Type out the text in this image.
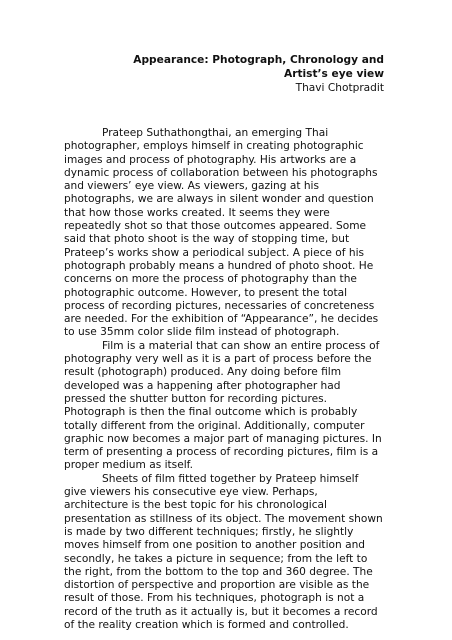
Appearance: Photograph, Chronology and Artist’s eye view

Thavi Chotpradit

Prateep Suthathongthai, an emerging Thai photographer, employs himself in creating photographic images and process of photography. His artworks are a dynamic process of collaboration between his photographs and viewers’ eye view. As viewers, gazing at his photographs, we are always in silent wonder and question that how those works created. It seems they were repeatedly shot so that those outcomes appeared. Some said that photo shoot is the way of stopping time, but Prateep’s works show a periodical subject. A piece of his photograph probably means a hundred of photo shoot. He concerns on more the process of photography than the photographic outcome. However, to present the total process of recording pictures, necessaries of concreteness are needed. For the exhibition of “Appearance”, he decides to use 35mm color slide film instead of photograph.

Film is a material that can show an entire process of photography very well as it is a part of process before the result (photograph) produced. Any doing before film developed was a happening after photographer had pressed the shutter button for recording pictures. Photograph is then the final outcome which is probably totally different from the original. Additionally, computer graphic now becomes a major part of managing pictures. In term of presenting a process of recording pictures, film is a proper medium as itself.

Sheets of film fitted together by Prateep himself give viewers his consecutive eye view. Perhaps, architecture is the best topic for his chronological presentation as stillness of its object. The movement shown is made by two different techniques; firstly, he slightly moves himself from one position to another position and secondly, he takes a picture in sequence; from the left to the right, from the bottom to the top and 360 degree. The distortion of perspective and proportion are visible as the result of those. From his techniques, photograph is not a record of the truth as it actually is, but it becomes a record of the reality creation which is formed and controlled.
